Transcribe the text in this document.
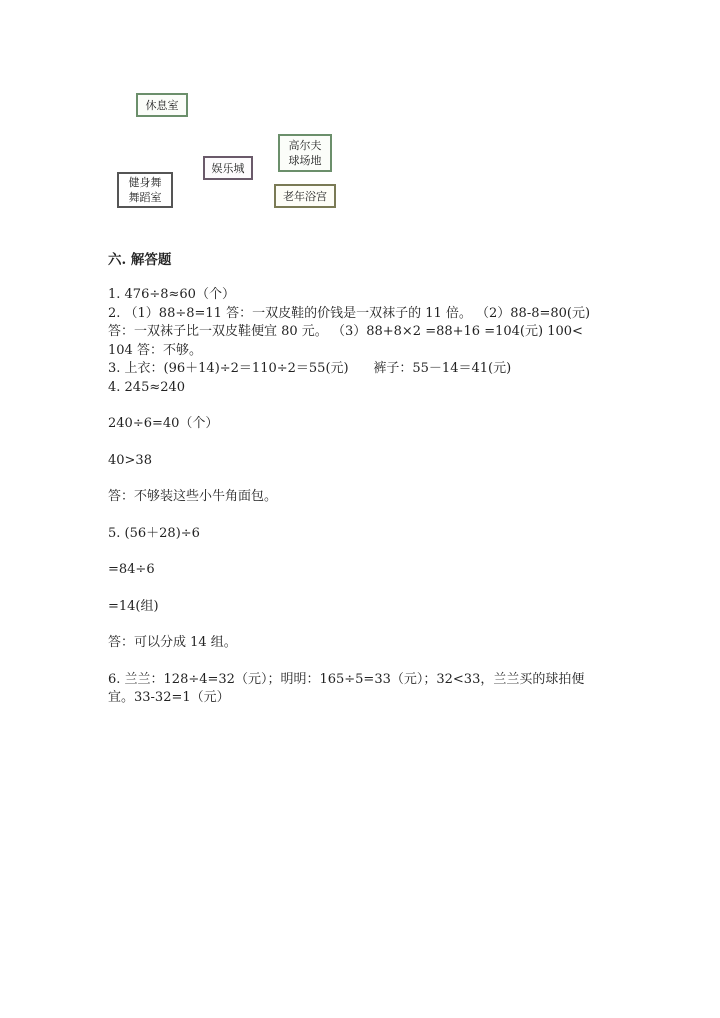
休息室
高尔夫
球场地
娱乐城
健身舞
舞蹈室	老年浴宫

六. 解答题

1. 476÷8≈60（个）

2. （1）88÷8=11 答：一双皮鞋的价钱是一双袜子的 11 倍。 （2）88-8=80(元)

答：一双袜子比一双皮鞋便宜 80 元。 （3）88+8×2 =88+16 =104(元) 100<

104 答：不够。

3. 上衣：(96＋14)÷2＝110÷2＝55(元)      裤子：55－14＝41(元)

4. 245≈240

240÷6=40（个）

40>38

答：不够装这些小牛角面包。

5. (56＋28)÷6

=84÷6

=14(组)

答：可以分成 14 组。

6. 兰兰：128÷4=32（元）；明明：165÷5=33（元）；32<33，兰兰买的球拍便

宜。33-32=1（元）
